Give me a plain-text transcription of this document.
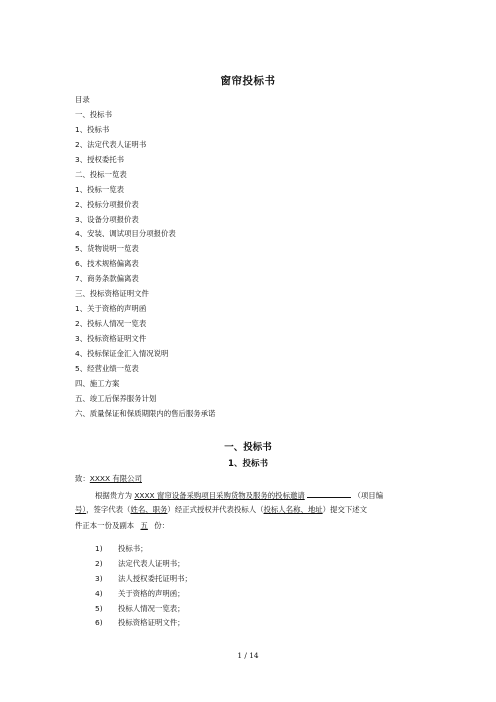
窗帘投标书
目录
一、投标书
1、投标书
2、法定代表人证明书
3、授权委托书
二、投标一览表
1、投标一览表
2、投标分项报价表
3、设备分项报价表
4、安装、调试项目分项报价表
5、货物说明一览表
6、技术规格偏离表
7、商务条款偏离表
三、投标资格证明文件
1、关于资格的声明函
2、投标人情况一览表
3、投标资格证明文件
4、投标保证金汇入情况说明
5、经营业绩一览表
四、施工方案
五、竣工后保养服务计划
六、质量保证和保质期限内的售后服务承诺
一、投标书
1、投标书
致：XXXX 有限公司
根据贵方为 XXXX 窗帘设备采购项目采购货物及服务的投标邀请	（项目编
号），签字代表（姓名、职务）经正式授权并代表投标人（投标人名称、地址）提交下述文
件正本一份及副本 五 份：
1) 投标书；
2) 法定代表人证明书；
3) 法人授权委托证明书；
4) 关于资格的声明函；
5) 投标人情况一览表；
6) 投标资格证明文件；
1 / 14
